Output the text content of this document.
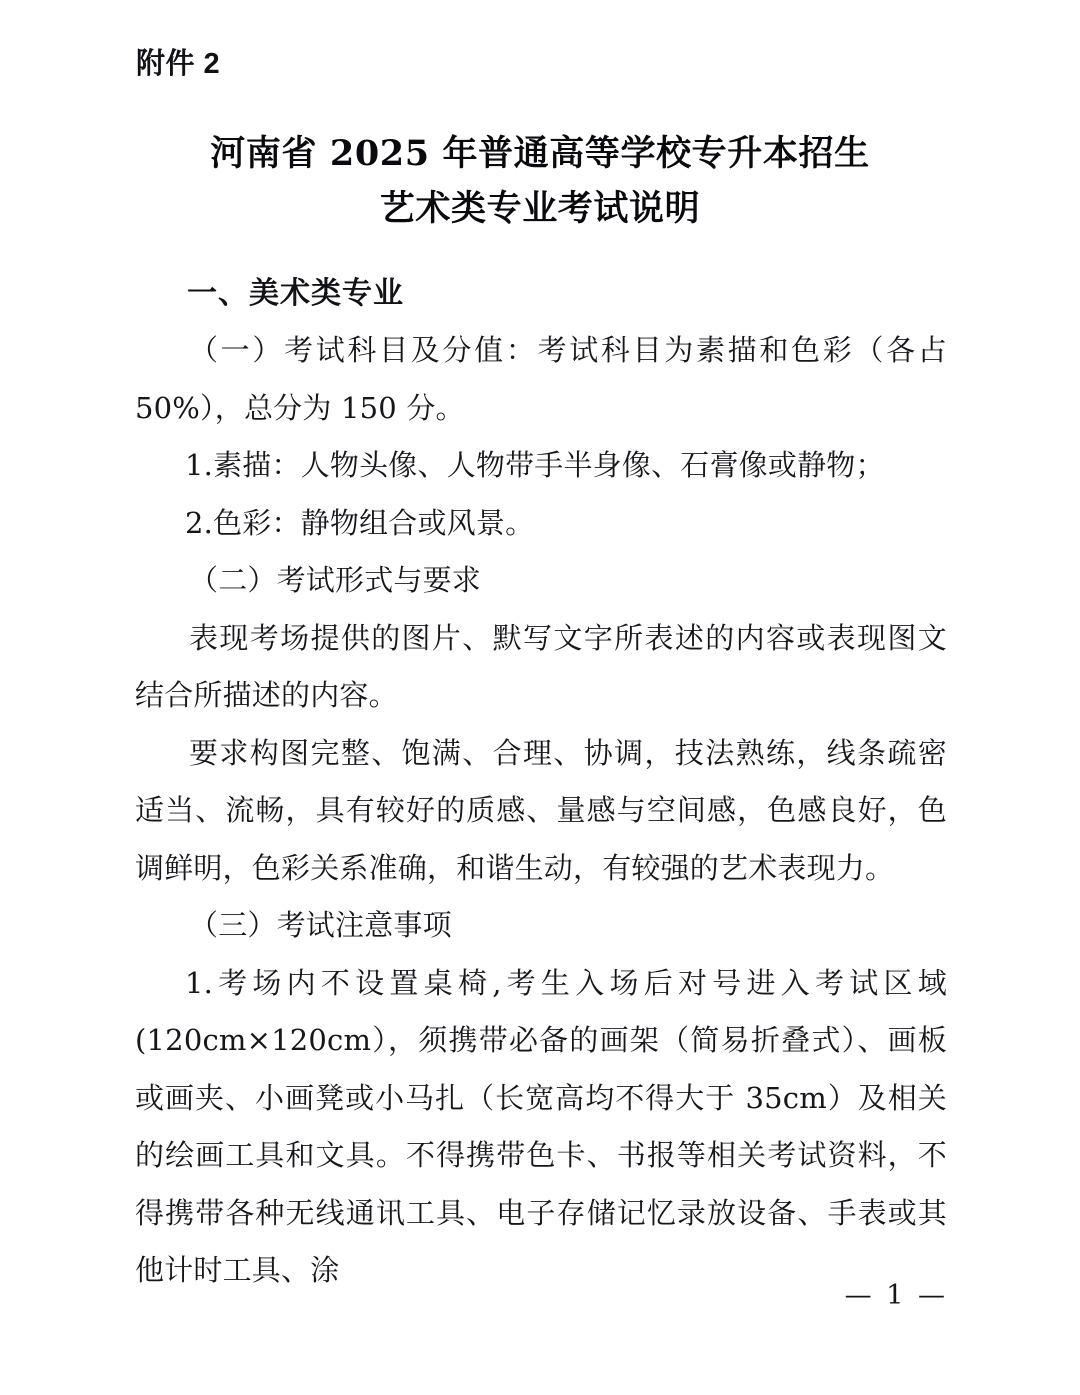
附件 2
河南省 2025 年普通高等学校专升本招生
艺术类专业考试说明
一、美术类专业

（一）考试科目及分值：考试科目为素描和色彩（各占 50%），总分为 150 分。

1.素描：人物头像、人物带手半身像、石膏像或静物；

2.色彩：静物组合或风景。

（二）考试形式与要求

表现考场提供的图片、默写文字所表述的内容或表现图文结合所描述的内容。

要求构图完整、饱满、合理、协调，技法熟练，线条疏密适当、流畅，具有较好的质感、量感与空间感，色感良好，色调鲜明，色彩关系准确，和谐生动，有较强的艺术表现力。

（三）考试注意事项

1.考场内不设置桌椅,考生入场后对号进入考试区域(120cm×120cm），须携带必备的画架（简易折叠式）、画板或画夹、小画凳或小马扎（长宽高均不得大于 35cm）及相关的绘画工具和文具。不得携带色卡、书报等相关考试资料，不得携带各种无线通讯工具、电子存储记忆录放设备、手表或其他计时工具、涂

— 1 —
